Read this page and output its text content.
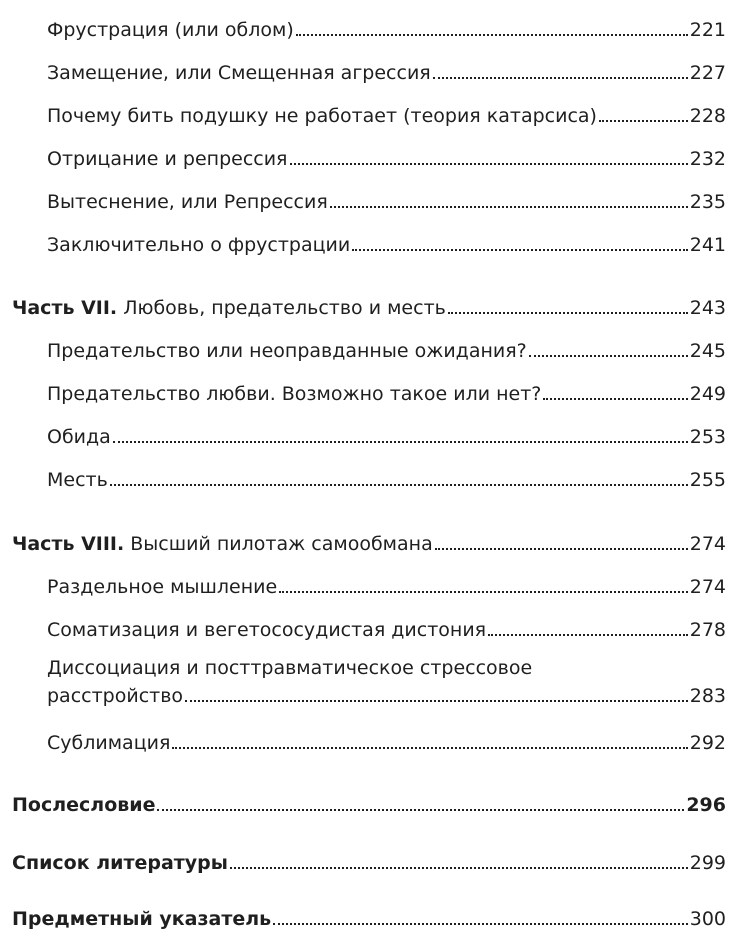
Фрустрация (или облом)	221
Замещение, или Смещенная агрессия	227
Почему бить подушку не работает (теория катарсиса)	228
Отрицание и репрессия	232
Вытеснение, или Репрессия	235
Заключительно о фрустрации	241
Часть VII. Любовь, предательство и месть	243
Предательство или неоправданные ожидания?	245
Предательство любви. Возможно такое или нет?	249
Обида	253
Месть	255
Часть VIII. Высший пилотаж самообмана	274
Раздельное мышление	274
Соматизация и вегетососудистая дистония	278
Диссоциация и посттравматическое стрессовое
расстройство	283
Сублимация	292
Послесловие	296
Список литературы	299
Предметный указатель	300
